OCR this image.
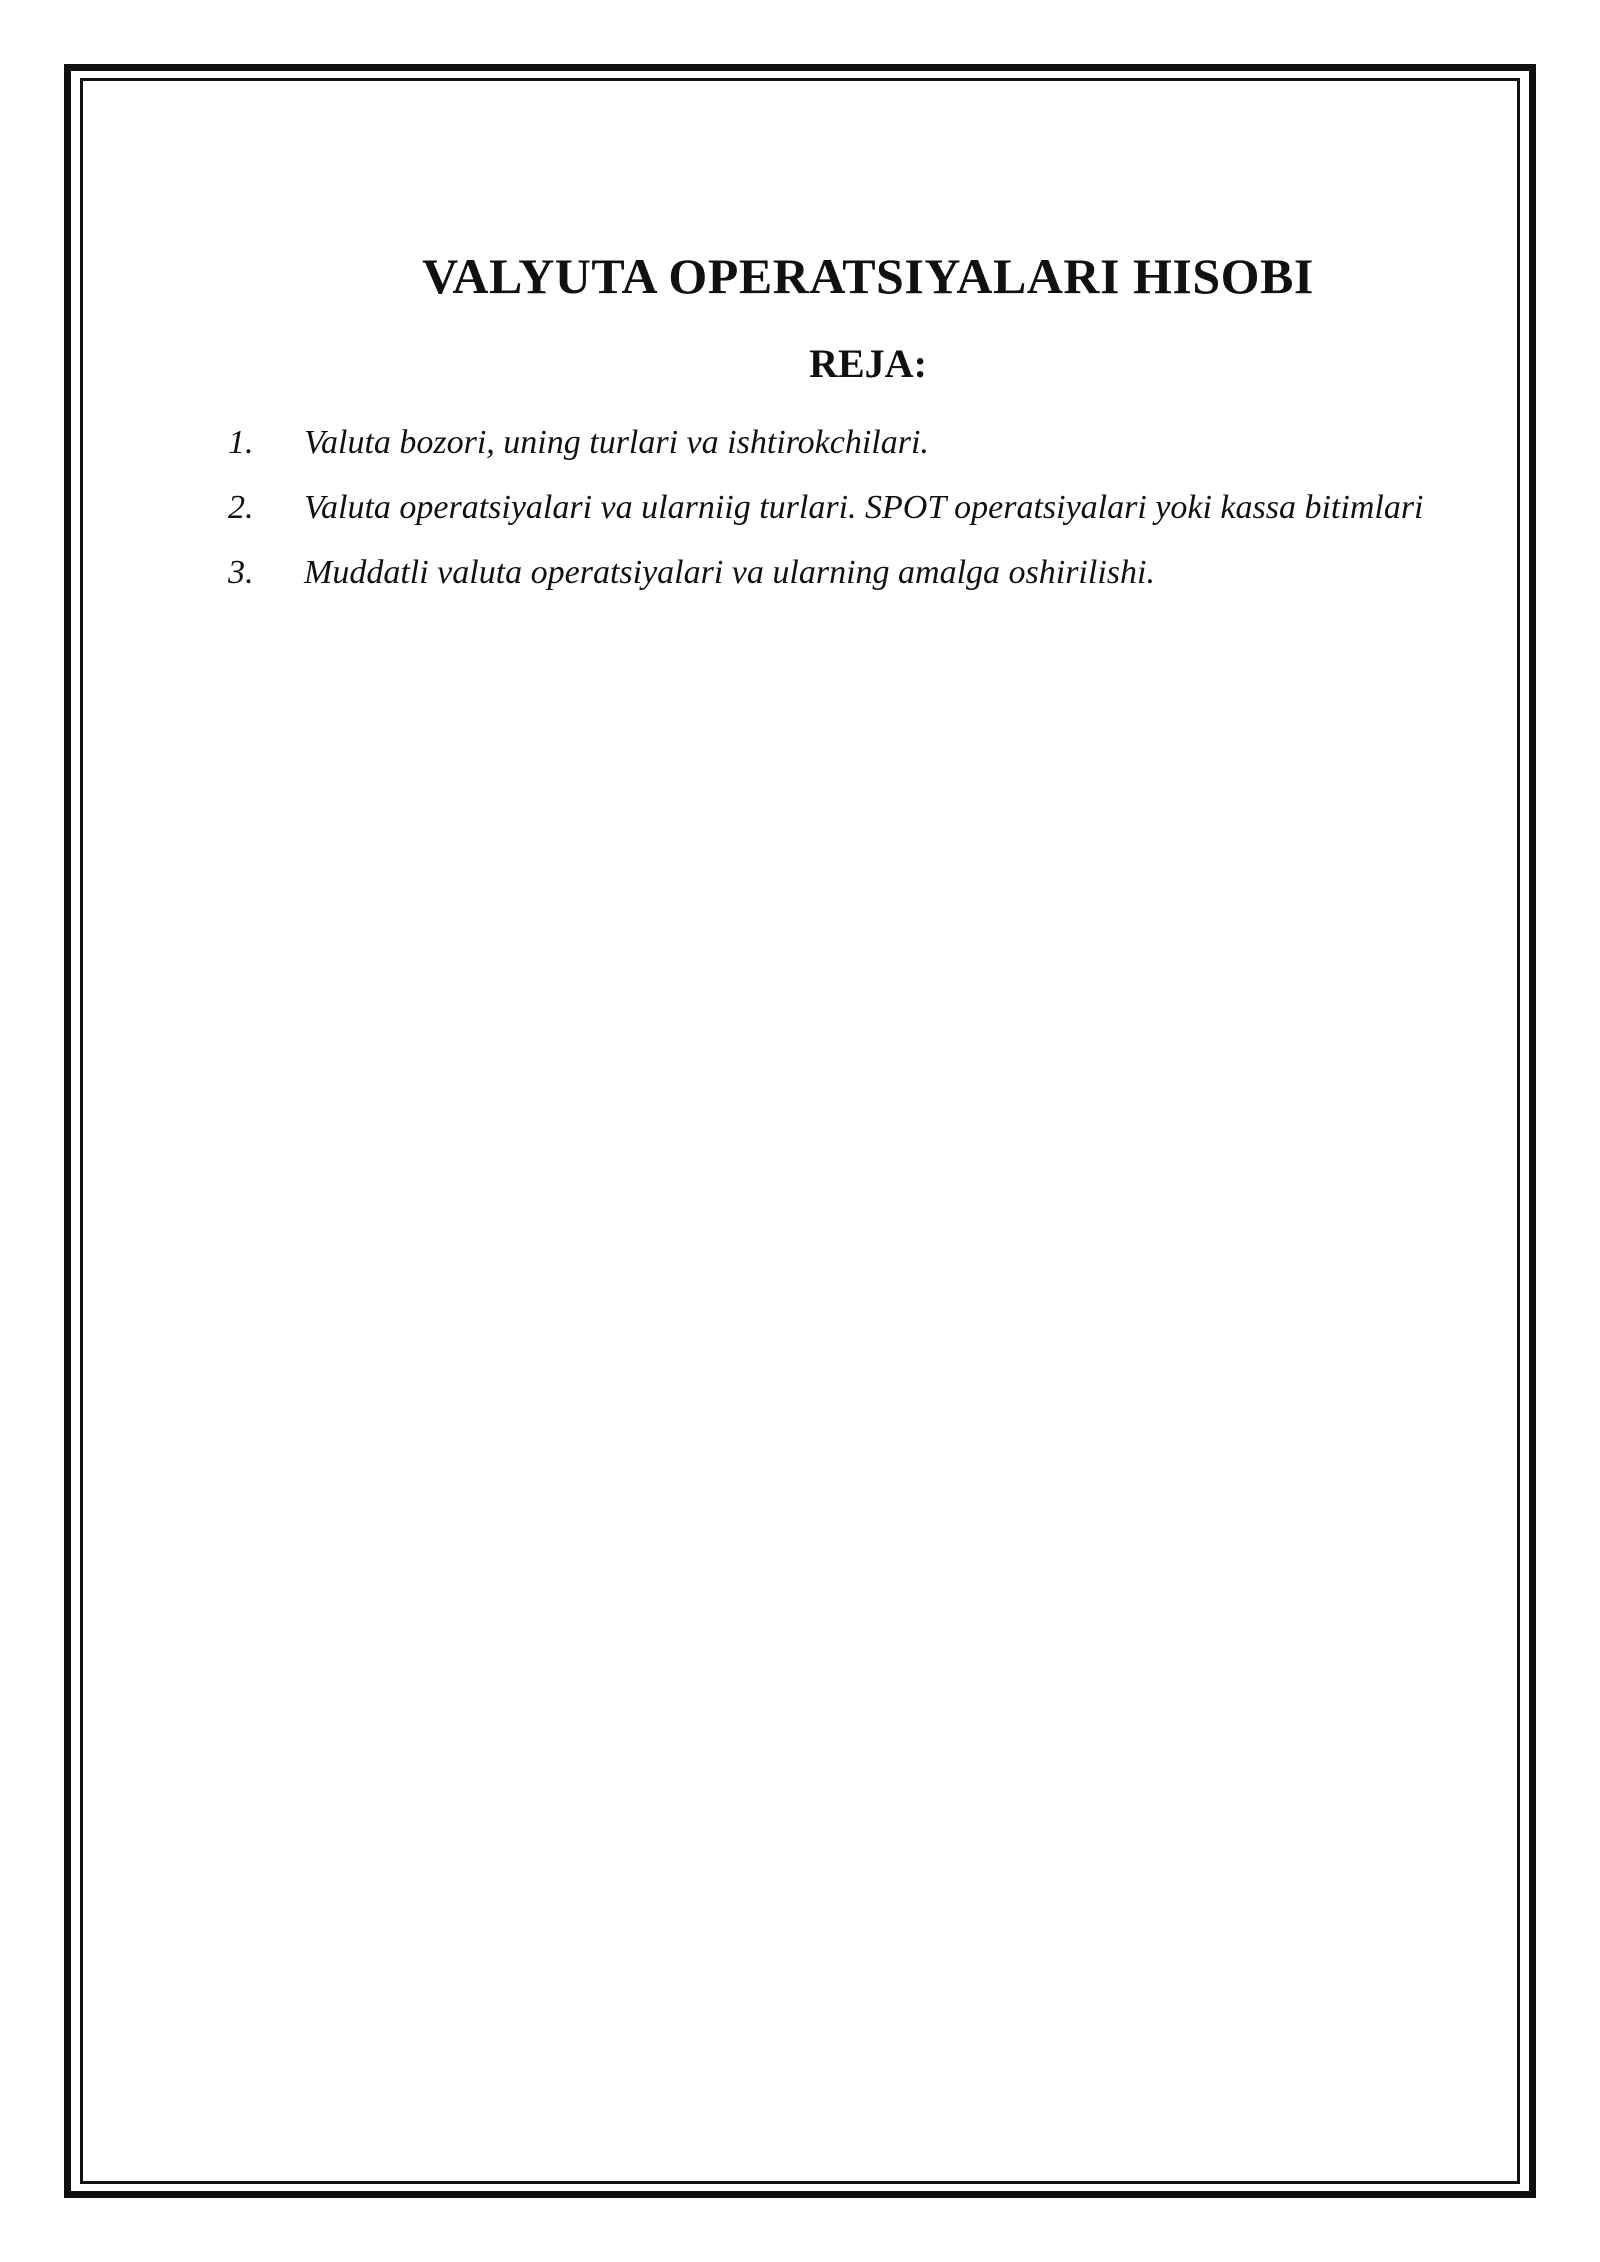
VALYUTA OPERATSIYALARI HISOBI
REJA:
1.	Valuta bozori, uning turlari va ishtirokchilari.
2.	Valuta operatsiyalari va ularniig turlari. SPOT operatsiyalari yoki kassa bitimlari
3.	Muddatli valuta operatsiyalari va ularning amalga oshirilishi.
